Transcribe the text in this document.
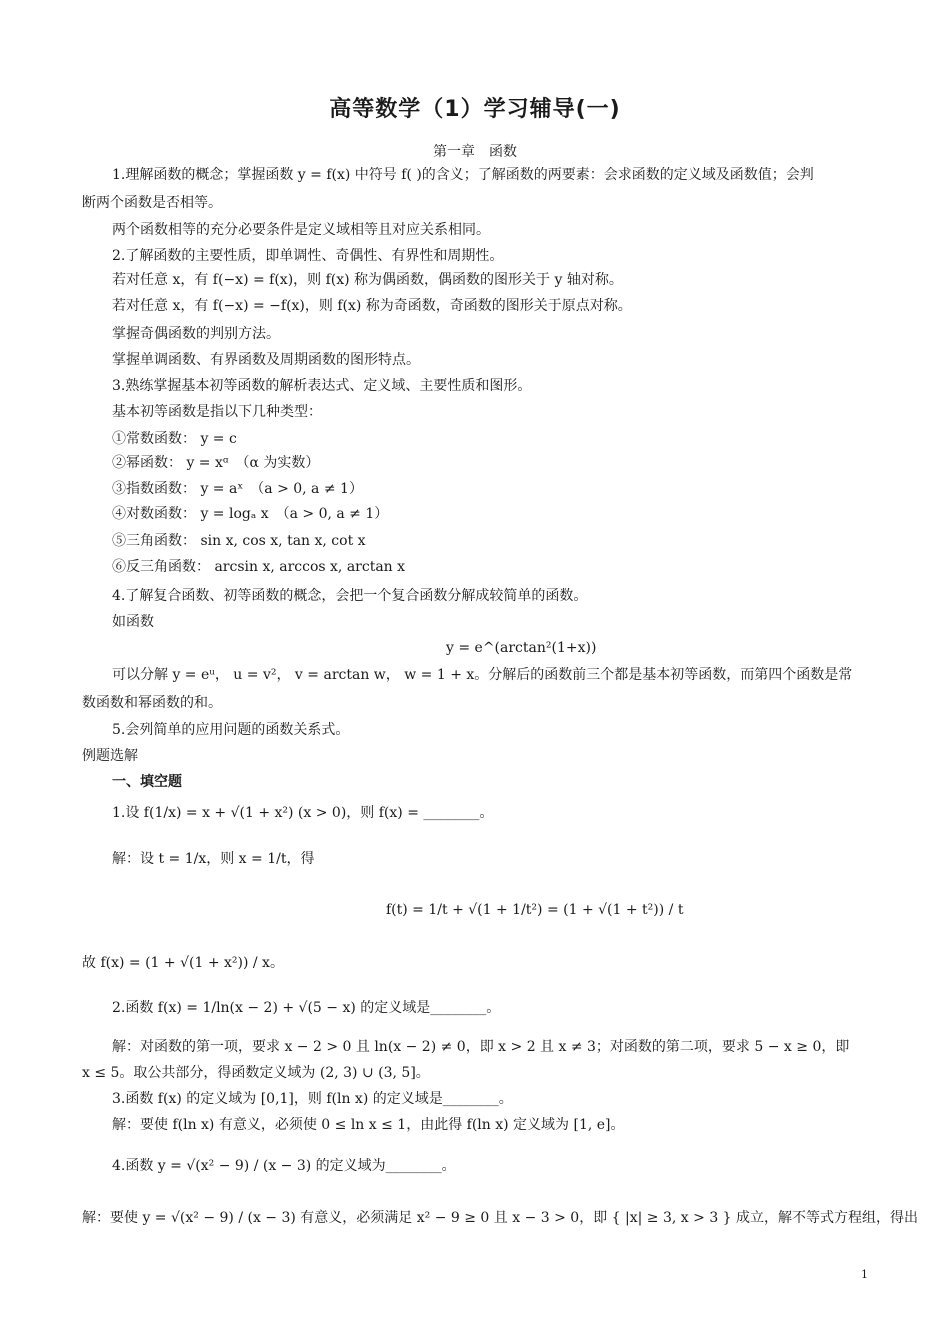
高等数学（1）学习辅导(一)
第一章　函数
1.理解函数的概念；掌握函数 y = f(x) 中符号 f( )的含义；了解函数的两要素：会求函数的定义域及函数值；会判
断两个函数是否相等。
两个函数相等的充分必要条件是定义域相等且对应关系相同。
2.了解函数的主要性质，即单调性、奇偶性、有界性和周期性。
若对任意 x，有 f(−x) = f(x)，则 f(x) 称为偶函数，偶函数的图形关于 y 轴对称。
若对任意 x，有 f(−x) = −f(x)，则 f(x) 称为奇函数，奇函数的图形关于原点对称。
掌握奇偶函数的判别方法。
掌握单调函数、有界函数及周期函数的图形特点。
3.熟练掌握基本初等函数的解析表达式、定义域、主要性质和图形。
基本初等函数是指以下几种类型：
①常数函数： y = c
②幂函数： y = xᵅ　（α 为实数）
③指数函数： y = aˣ　（a > 0, a ≠ 1）
④对数函数： y = logₐ x　（a > 0, a ≠ 1）
⑤三角函数： sin x, cos x, tan x, cot x
⑥反三角函数： arcsin x, arccos x, arctan x
4.了解复合函数、初等函数的概念，会把一个复合函数分解成较简单的函数。
如函数
y = e^(arctan²(1+x))
可以分解 y = eᵘ， u = v²， v = arctan w， w = 1 + x。分解后的函数前三个都是基本初等函数，而第四个函数是常
数函数和幂函数的和。
5.会列简单的应用问题的函数关系式。
例题选解
一、填空题
1.设 f(1/x) = x + √(1 + x²) (x > 0)，则 f(x) = ________。
解：设 t = 1/x，则 x = 1/t，得
f(t) = 1/t + √(1 + 1/t²) = (1 + √(1 + t²)) / t
故 f(x) = (1 + √(1 + x²)) / x。
2.函数 f(x) = 1/ln(x − 2) + √(5 − x) 的定义域是________。
解：对函数的第一项，要求 x − 2 > 0 且 ln(x − 2) ≠ 0，即 x > 2 且 x ≠ 3；对函数的第二项，要求 5 − x ≥ 0，即
x ≤ 5。取公共部分，得函数定义域为 (2, 3) ∪ (3, 5]。
3.函数 f(x) 的定义域为 [0,1]，则 f(ln x) 的定义域是________。
解：要使 f(ln x) 有意义，必须使 0 ≤ ln x ≤ 1，由此得 f(ln x) 定义域为 [1, e]。
4.函数 y = √(x² − 9) / (x − 3) 的定义域为________。
解：要使 y = √(x² − 9) / (x − 3) 有意义，必须满足 x² − 9 ≥ 0 且 x − 3 > 0，即 { |x| ≥ 3, x > 3 } 成立，解不等式方程组，得出
1
